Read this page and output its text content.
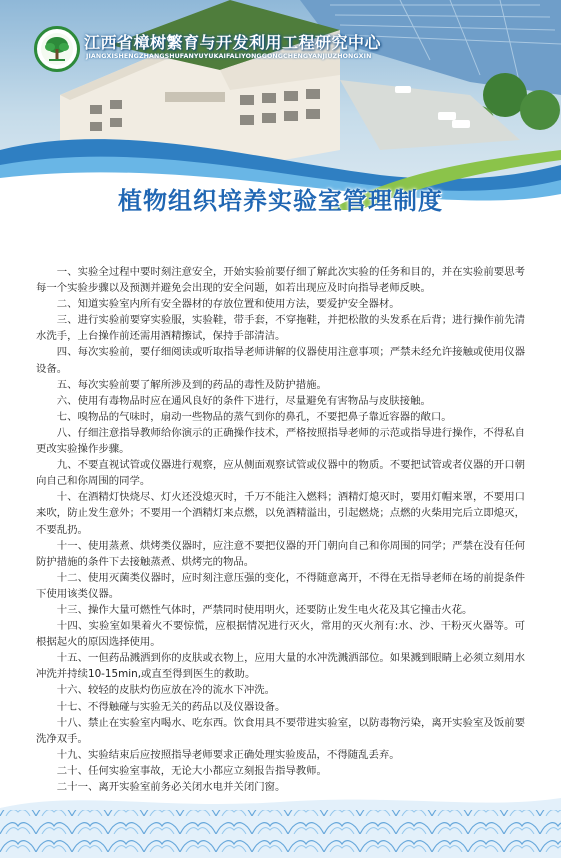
江西省樟树繁育与开发利用工程研究中心

JIANGXISHENGZHANGSHUFANYUYUKAIFALIYONGGONGCHENGYANJIUZHONGXIN

植物组织培养实验室管理制度
一、实验全过程中要时刻注意安全，开始实验前要仔细了解此次实验的任务和目的，并在实验前要思考每一个实验步骤以及预测并避免会出现的安全问题，如若出现应及时向指导老师反映。
二、知道实验室内所有安全器材的存放位置和使用方法，要爱护安全器材。
三、进行实验前要穿实验服，实验鞋，带手套，不穿拖鞋，并把松散的头发系在后背；进行操作前先清水洗手，上台操作前还需用酒精擦试，保持手部清洁。
四、每次实验前，要仔细阅读或听取指导老师讲解的仪器使用注意事项；严禁未经允许接触或使用仪器设备。
五、每次实验前要了解所涉及到的药品的毒性及防护措施。
六、使用有毒物品时应在通风良好的条件下进行，尽量避免有害物品与皮肤接触。
七、嗅物品的气味时，扇动一些物品的蒸气到你的鼻孔，不要把鼻子靠近容器的敞口。
八、仔细注意指导教师给你演示的正确操作技术，严格按照指导老师的示范或指导进行操作，不得私自更改实验操作步骤。
九、不要直视试管或仪器进行观察，应从侧面观察试管或仪器中的物质。不要把试管或者仪器的开口朝向自己和你周围的同学。
十、在酒精灯快烧尽、灯火还没熄灭时，千万不能注入燃料；酒精灯熄灭时，要用灯帽来罩，不要用口来吹，防止发生意外；不要用一个酒精灯来点燃，以免酒精溢出，引起燃烧；点燃的火柴用完后立即熄灭，不要乱扔。
十一、使用蒸煮、烘烤类仪器时，应注意不要把仪器的开门朝向自己和你周围的同学；严禁在没有任何防护措施的条件下去接触蒸煮、烘烤完的物品。
十二、使用灭菌类仪器时，应时刻注意压强的变化，不得随意离开，不得在无指导老师在场的前提条件下使用该类仪器。
十三、操作大量可燃性气体时，严禁同时使用明火，还要防止发生电火花及其它撞击火花。
十四、实验室如果着火不要惊慌，应根据情况进行灭火，常用的灭火剂有:水、沙、干粉灭火器等。可根据起火的原因选择使用。
十五、一但药品溅洒到你的皮肤或衣物上，应用大量的水冲洗溅洒部位。如果溅到眼睛上必须立刻用水冲洗并持续10-15min,或直至得到医生的救助。
十六、较轻的皮肤灼伤应放在冷的流水下冲洗。
十七、不得触碰与实验无关的药品以及仪器设备。
十八、禁止在实验室内喝水、吃东西。饮食用具不要带进实验室，以防毒物污染，离开实验室及饭前要洗净双手。
十九、实验结束后应按照指导老师要求正确处理实验废品，不得随乱丢弃。
二十、任何实验室事故，无论大小都应立刻报告指导教师。
二十一、离开实验室前务必关闭水电并关闭门窗。
